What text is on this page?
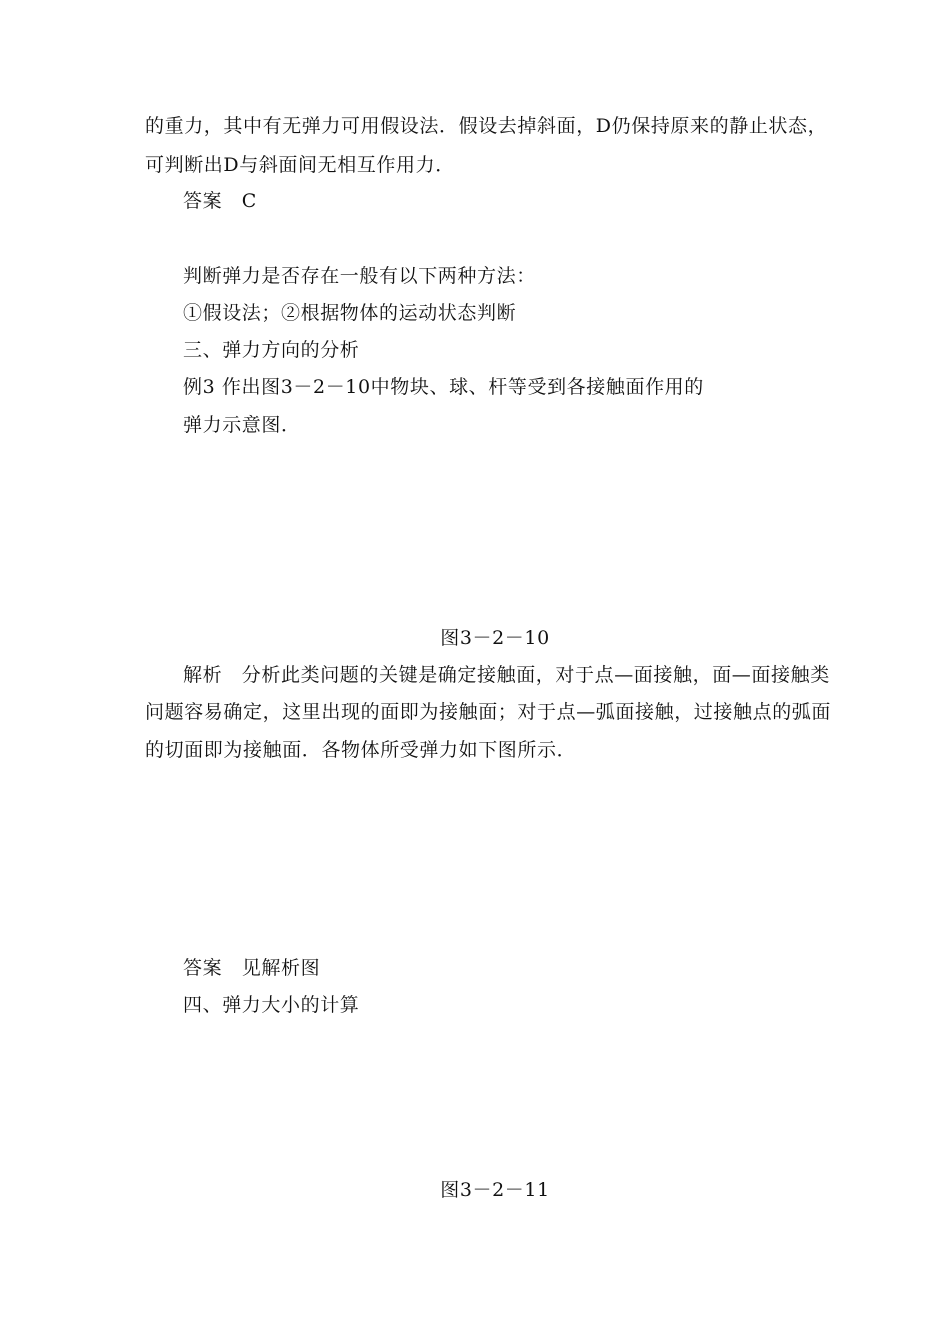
的重力，其中有无弹力可用假设法．假设去掉斜面，D仍保持原来的静止状态，
可判断出D与斜面间无相互作用力．
答案　C
判断弹力是否存在一般有以下两种方法：
①假设法；②根据物体的运动状态判断
三、弹力方向的分析
例3 作出图3－2－10中物块、球、杆等受到各接触面作用的
弹力示意图．
图3－2－10
解析　分析此类问题的关键是确定接触面，对于点—面接触，面—面接触类
问题容易确定，这里出现的面即为接触面；对于点—弧面接触，过接触点的弧面
的切面即为接触面．各物体所受弹力如下图所示．
答案　见解析图
四、弹力大小的计算
图3－2－11
